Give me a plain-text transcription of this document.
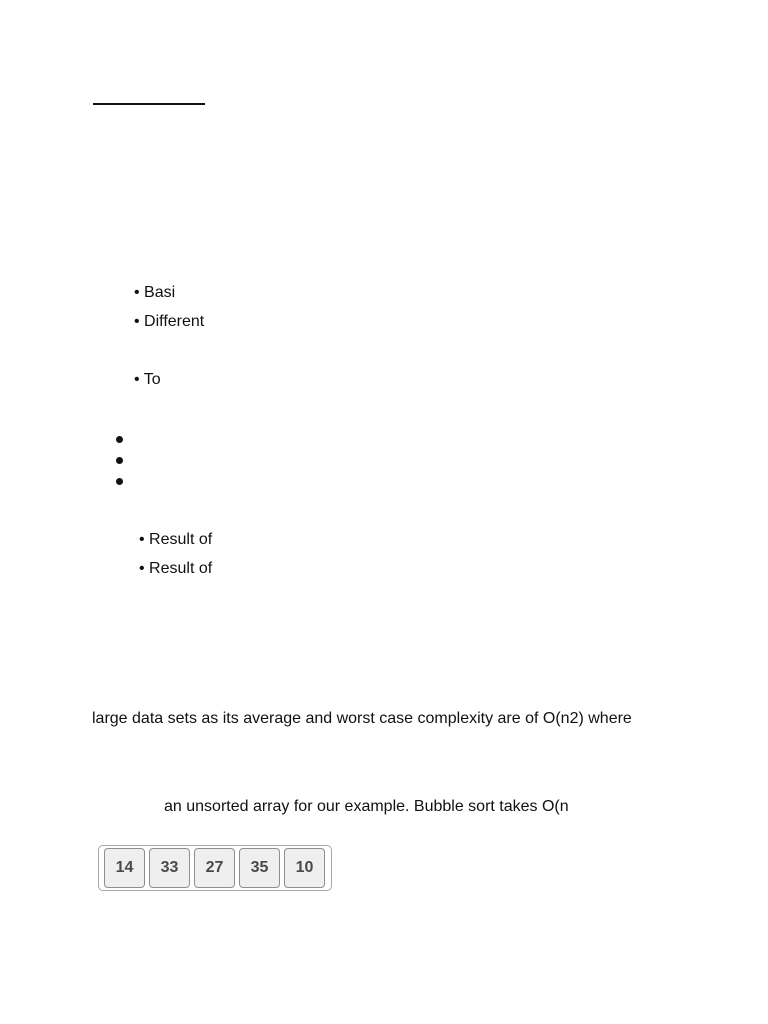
• Basi
• Different
• To
• Result of
• Result of
large data sets as its average and worst case complexity are of O(n2) where
an unsorted array for our example. Bubble sort takes O(n
14	33	27	35	10
